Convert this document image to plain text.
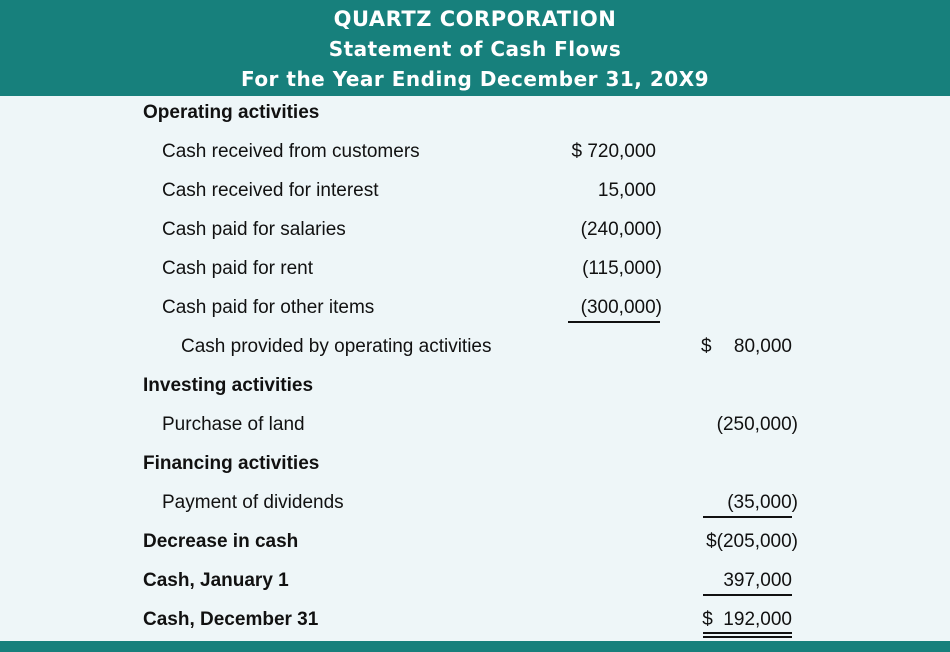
QUARTZ CORPORATION
Statement of Cash Flows
For the Year Ending December 31, 20X9
Operating activities
Cash received from customers	$ 720,000
Cash received for interest	15,000
Cash paid for salaries	(240,000)
Cash paid for rent	(115,000)
Cash paid for other items	(300,000)
Cash provided by operating activities	$ 80,000
Investing activities
Purchase of land	(250,000)
Financing activities
Payment of dividends	(35,000)
Decrease in cash	$(205,000)
Cash, January 1	397,000
Cash, December 31	$  192,000
